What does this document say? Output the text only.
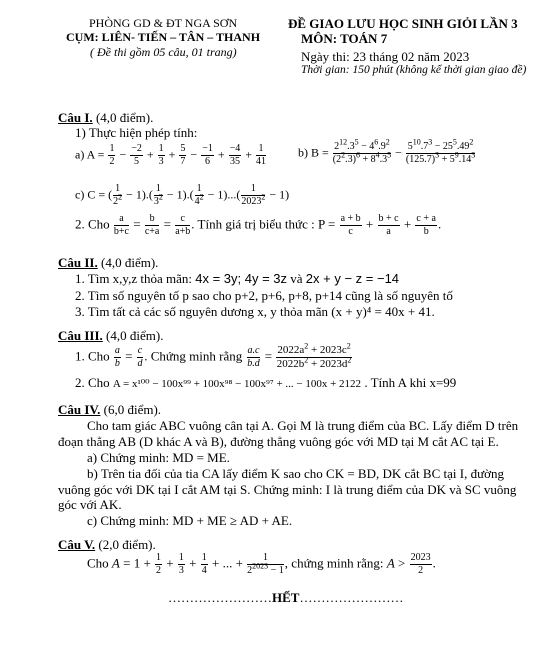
PHÒNG GD & ĐT NGA SƠN
CỤM: LIÊN- TIẾN – TÂN – THANH
( Đề thi gồm 05 câu, 01 trang)
ĐỀ GIAO LƯU HỌC SINH GIỎI LẦN 3
MÔN: TOÁN 7
Ngày thi: 23 tháng 02 năm 2023
Thời gian: 150 phút (không kể thời gian giao đề)
Câu I. (4,0 điểm).
1) Thực hiện phép tính:
a) $A = \frac{1}{2} - \frac{-2}{5} + \frac{1}{3} + \frac{5}{7} - \frac{-1}{6} + \frac{-4}{35} + \frac{1}{41}$	b) $B = \frac{2^{12}.3^5 - 4^6.9^2}{(2^2.3)^6 + 8^4.3^5} - \frac{5^{10}.7^3 - 25^5.49^2}{(125.7)^3 + 5^9.14^3}$
c) C = ( $\frac{1}{2^2} - 1).( \frac{1}{3^2} - 1).( \frac{1}{4^2} - 1)...( \frac{1}{2023^2} - 1)$
2. Cho $\frac{a}{b+c} = \frac{b}{c+a} = \frac{c}{a+b}$ . Tính giá trị biểu thức : $P = \frac{a + b}{c} + \frac{b + c}{a} + \frac{c + a}{b}$ .
Câu II. (4,0 điểm).
1. Tìm x,y,z thỏa mãn: 4x = 3y; 4y = 3z và 2x + y − z = −14
2. Tìm số nguyên tố p sao cho p+2, p+6, p+8, p+14 cũng là số nguyên tố
3. Tìm tất cả các số nguyên dương x, y thỏa mãn (x + y)⁴ = 40x + 41.
Câu III. (4,0 điểm).
1. Cho $\frac{a}{b} = \frac{c}{d}$ . Chứng minh rằng $\frac{a.c}{b.d} = \frac{2022a^2 + 2023c^2}{2022b^2 + 2023d^2}$
2. Cho A = x¹⁰⁰ − 100x⁹⁹ + 100x⁹⁸ − 100x⁹⁷ + ... − 100x + 2122 . Tính A khi x=99
Câu IV. (6,0 điểm).
Cho tam giác ABC vuông cân tại A. Gọi M là trung điểm của BC. Lấy điểm D trên
đoạn thẳng AB (D khác A và B), đường thẳng vuông góc với MD tại M cắt AC tại E.
a) Chứng minh: MD = ME.
b) Trên tia đối của tia CA lấy điểm K sao cho CK = BD, DK cắt BC tại I, đường
vuông góc với DK tại I cắt AM tại S. Chứng minh: I là trung điểm của DK và SC vuông
góc với AK.
c) Chứng minh: MD + ME ≥ AD + AE.
Câu V. (2,0 điểm).
Cho $A = 1 + \frac{1}{2} + \frac{1}{3} + \frac{1}{4}$ + ... + $\frac{1}{2^{2023} - 1}$ , chứng minh rằng: $A > \frac{2023}{2}$ .
……………………HẾT……………………
